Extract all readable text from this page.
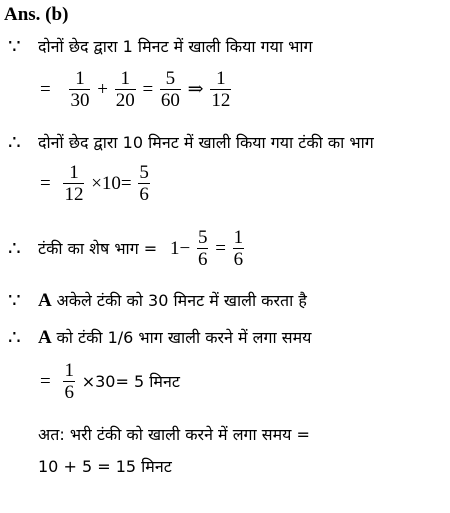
Ans. (b)
∵ दोनों छेद द्वारा 1 मिनट में खाली किया गया भाग
= $\frac{1}{30} + \frac{1}{20} = \frac{5}{60}$ ⇒ $\frac{1}{12}$
∴ दोनों छेद द्वारा 10 मिनट में खाली किया गया टंकी का भाग
= $\frac{1}{12} \times 10= \frac{5}{6}$
∴ टंकी का शेष भाग = $1- \frac{5}{6} = \frac{1}{6}$
∵ A अकेले टंकी को 30 मिनट में खाली करता है
∴ A को टंकी 1/6 भाग खाली करने में लगा समय
= $\frac{1}{6} \times 30= 5$ मिनट
अत: भरी टंकी को खाली करने में लगा समय =
10 + 5 = 15 मिनट
